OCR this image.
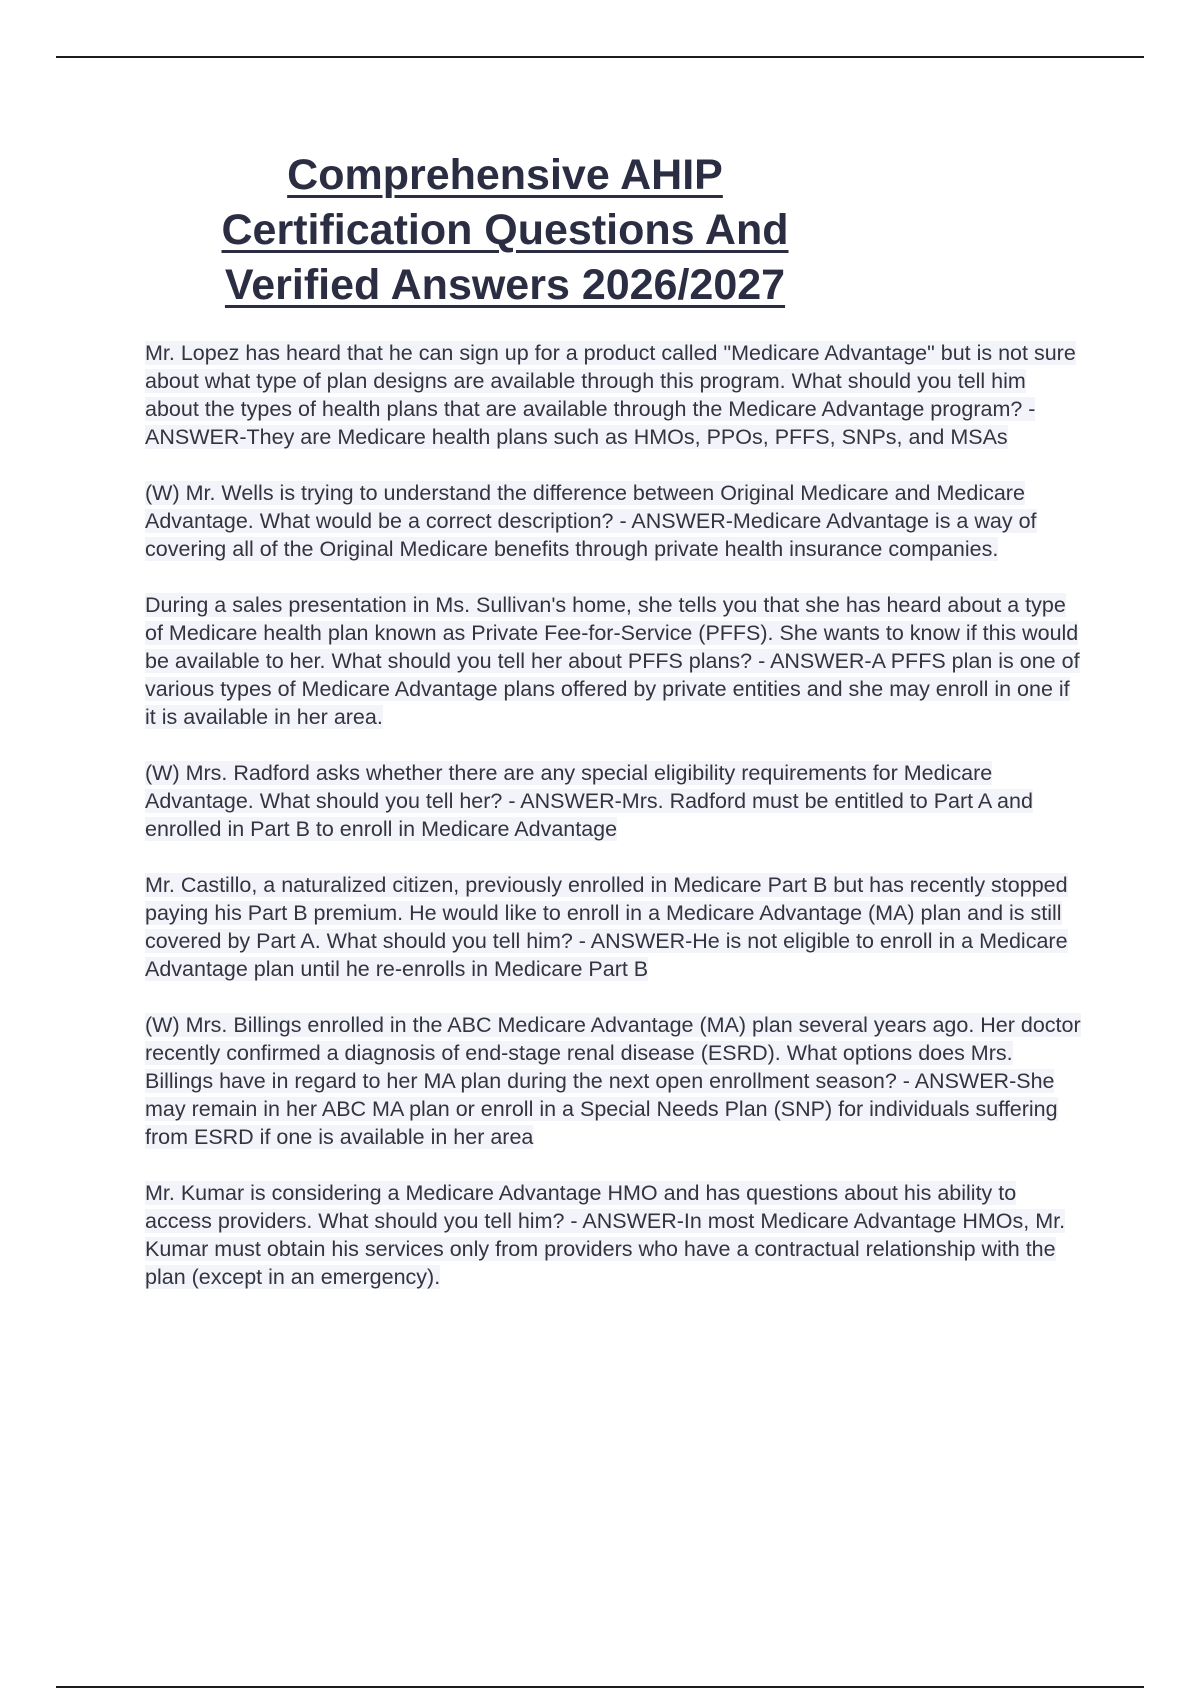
Comprehensive AHIP
Certification Questions And
Verified Answers 2026/2027

Mr. Lopez has heard that he can sign up for a product called "Medicare Advantage" but is not sure about what type of plan designs are available through this program. What should you tell him about the types of health plans that are available through the Medicare Advantage program? - ANSWER-They are Medicare health plans such as HMOs, PPOs, PFFS, SNPs, and MSAs

(W) Mr. Wells is trying to understand the difference between Original Medicare and Medicare Advantage. What would be a correct description? - ANSWER-Medicare Advantage is a way of covering all of the Original Medicare benefits through private health insurance companies.

During a sales presentation in Ms. Sullivan's home, she tells you that she has heard about a type of Medicare health plan known as Private Fee-for-Service (PFFS). She wants to know if this would be available to her. What should you tell her about PFFS plans? - ANSWER-A PFFS plan is one of various types of Medicare Advantage plans offered by private entities and she may enroll in one if it is available in her area.

(W) Mrs. Radford asks whether there are any special eligibility requirements for Medicare Advantage. What should you tell her? - ANSWER-Mrs. Radford must be entitled to Part A and enrolled in Part B to enroll in Medicare Advantage

Mr. Castillo, a naturalized citizen, previously enrolled in Medicare Part B but has recently stopped paying his Part B premium. He would like to enroll in a Medicare Advantage (MA) plan and is still covered by Part A. What should you tell him? - ANSWER-He is not eligible to enroll in a Medicare Advantage plan until he re-enrolls in Medicare Part B

(W) Mrs. Billings enrolled in the ABC Medicare Advantage (MA) plan several years ago. Her doctor recently confirmed a diagnosis of end-stage renal disease (ESRD). What options does Mrs. Billings have in regard to her MA plan during the next open enrollment season? - ANSWER-She may remain in her ABC MA plan or enroll in a Special Needs Plan (SNP) for individuals suffering from ESRD if one is available in her area

Mr. Kumar is considering a Medicare Advantage HMO and has questions about his ability to access providers. What should you tell him? - ANSWER-In most Medicare Advantage HMOs, Mr. Kumar must obtain his services only from providers who have a contractual relationship with the plan (except in an emergency).
